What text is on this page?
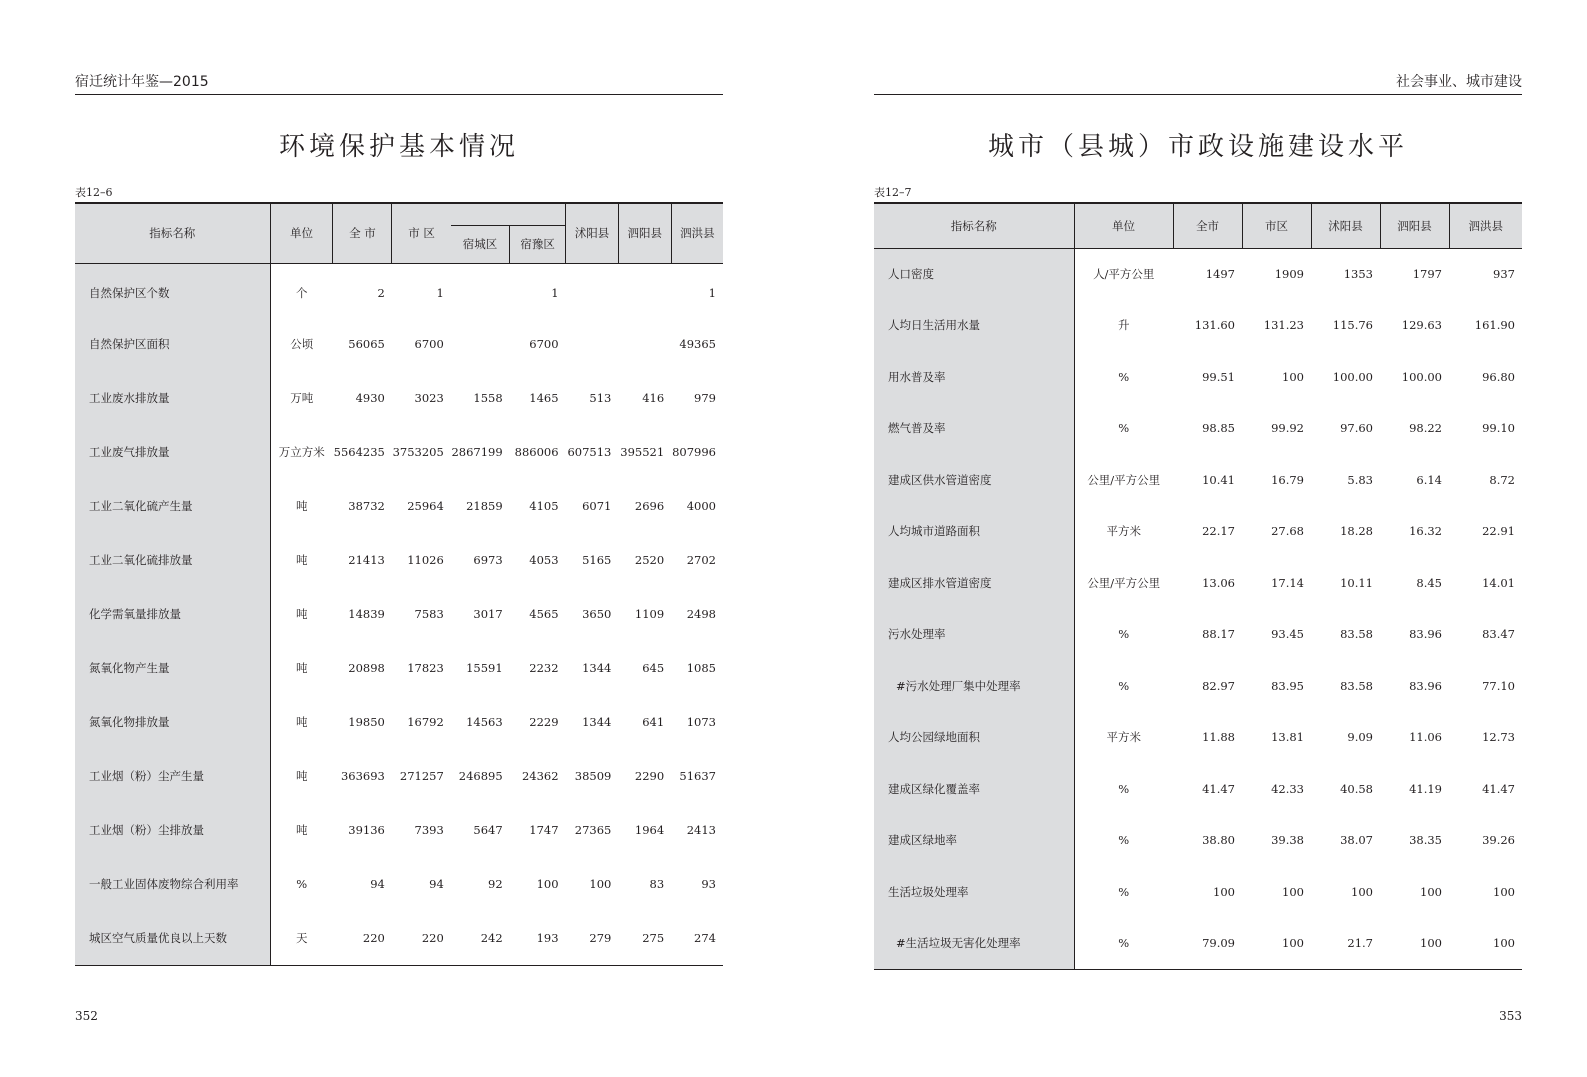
宿迁统计年鉴—2015
环境保护基本情况
表12–6
指标名称	单位	全 市	市 区			沭阳县	泗阳县	泗洪县
				宿城区	宿豫区			
自然保护区个数	个	2	1		1			1
自然保护区面积	公顷	56065	6700		6700			49365
工业废水排放量	万吨	4930	3023	1558	1465	513	416	979
工业废气排放量	万立方米	5564235	3753205	2867199	886006	607513	395521	807996
工业二氧化硫产生量	吨	38732	25964	21859	4105	6071	2696	4000
工业二氧化硫排放量	吨	21413	11026	6973	4053	5165	2520	2702
化学需氧量排放量	吨	14839	7583	3017	4565	3650	1109	2498
氮氧化物产生量	吨	20898	17823	15591	2232	1344	645	1085
氮氧化物排放量	吨	19850	16792	14563	2229	1344	641	1073
工业烟（粉）尘产生量	吨	363693	271257	246895	24362	38509	2290	51637
工业烟（粉）尘排放量	吨	39136	7393	5647	1747	27365	1964	2413
一般工业固体废物综合利用率	%	94	94	92	100	100	83	93
城区空气质量优良以上天数	天	220	220	242	193	279	275	274
352
社会事业、城市建设
城市（县城）市政设施建设水平
表12–7
指标名称	单位	全市	市区	沭阳县	泗阳县	泗洪县
人口密度	人/平方公里	1497	1909	1353	1797	937
人均日生活用水量	升	131.60	131.23	115.76	129.63	161.90
用水普及率	%	99.51	100	100.00	100.00	96.80
燃气普及率	%	98.85	99.92	97.60	98.22	99.10
建成区供水管道密度	公里/平方公里	10.41	16.79	5.83	6.14	8.72
人均城市道路面积	平方米	22.17	27.68	18.28	16.32	22.91
建成区排水管道密度	公里/平方公里	13.06	17.14	10.11	8.45	14.01
污水处理率	%	88.17	93.45	83.58	83.96	83.47
#污水处理厂集中处理率	%	82.97	83.95	83.58	83.96	77.10
人均公园绿地面积	平方米	11.88	13.81	9.09	11.06	12.73
建成区绿化覆盖率	%	41.47	42.33	40.58	41.19	41.47
建成区绿地率	%	38.80	39.38	38.07	38.35	39.26
生活垃圾处理率	%	100	100	100	100	100
#生活垃圾无害化处理率	%	79.09	100	21.7	100	100
353
